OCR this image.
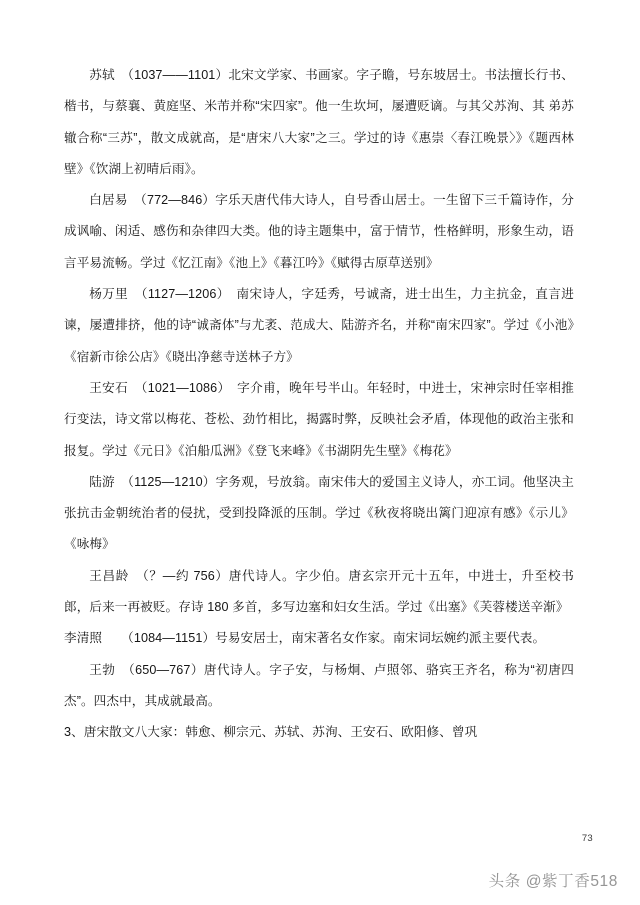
苏轼　（1037——1101）北宋文学家、书画家。字子瞻，号东坡居士。书法擅长行书、楷书，与蔡襄、黄庭坚、米芾并称“宋四家”。他一生坎坷，屡遭贬谪。与其父苏洵、其 弟苏辙合称“三苏”，散文成就高，是“唐宋八大家”之三。学过的诗《惠崇〈春江晚景〉》《题西林壁》《饮湖上初晴后雨》。

白居易　（772—846）字乐天唐代伟大诗人，自号香山居士。一生留下三千篇诗作，分成讽喻、闲适、感伤和杂律四大类。他的诗主题集中，富于情节，性格鲜明，形象生动，语言平易流畅。学过《忆江南》《池上》《暮江吟》《赋得古原草送别》

杨万里　（1127—1206）　南宋诗人，字廷秀，号诚斋，进士出生，力主抗金，直言进谏，屡遭排挤，他的诗“诚斋体”与尤袤、范成大、陆游齐名，并称“南宋四家”。学过《小池》《宿新市徐公店》《晓出净慈寺送林子方》

王安石　（1021—1086）　字介甫，晚年号半山。年轻时，中进士，宋神宗时任宰相推行变法，诗文常以梅花、苍松、劲竹相比，揭露时弊，反映社会矛盾，体现他的政治主张和报复。学过《元日》《泊船瓜洲》《登飞来峰》《书湖阴先生壁》《梅花》

陆游　（1125—1210）字务观，号放翁。南宋伟大的爱国主义诗人，亦工词。他坚决主张抗击金朝统治者的侵扰，受到投降派的压制。学过《秋夜将晓出篱门迎凉有感》《示儿》《咏梅》

王昌龄　（？—约 756）唐代诗人。字少伯。唐玄宗开元十五年，中进士，升至校书郎，后来一再被贬。存诗 180 多首，多写边塞和妇女生活。学过《出塞》《芙蓉楼送辛渐》

李清照　　（1084—1151）号易安居士，南宋著名女作家。南宋词坛婉约派主要代表。

王勃　（650—767）唐代诗人。字子安，与杨炯、卢照邻、骆宾王齐名，称为“初唐四杰”。四杰中，其成就最高。

3、唐宋散文八大家：韩愈、柳宗元、苏轼、苏洵、王安石、欧阳修、曾巩

73
头条 @紫丁香518
